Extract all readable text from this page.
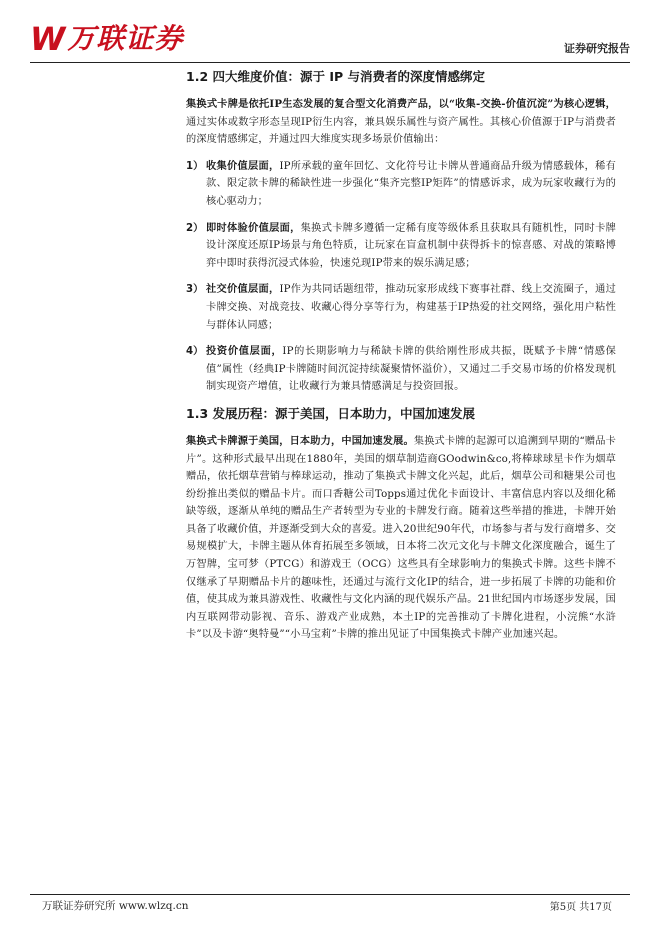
W 万联证券	证券研究报告
1.2 四大维度价值：源于 IP 与消费者的深度情感绑定

集换式卡牌是依托IP生态发展的复合型文化消费产品，以“收集-交换-价值沉淀”为核心逻辑，通过实体或数字形态呈现IP衍生内容，兼具娱乐属性与资产属性。其核心价值源于IP与消费者的深度情感绑定，并通过四大维度实现多场景价值输出：

1） 收集价值层面，IP所承载的童年回忆、文化符号让卡牌从普通商品升级为情感载体，稀有款、限定款卡牌的稀缺性进一步强化“集齐完整IP矩阵”的情感诉求，成为玩家收藏行为的核心驱动力；

2） 即时体验价值层面，集换式卡牌多遵循一定稀有度等级体系且获取具有随机性，同时卡牌设计深度还原IP场景与角色特质，让玩家在盲盒机制中获得拆卡的惊喜感、对战的策略博弈中即时获得沉浸式体验，快速兑现IP带来的娱乐满足感；

3） 社交价值层面，IP作为共同话题纽带，推动玩家形成线下赛事社群、线上交流圈子，通过卡牌交换、对战竞技、收藏心得分享等行为，构建基于IP热爱的社交网络，强化用户粘性与群体认同感；

4） 投资价值层面，IP的长期影响力与稀缺卡牌的供给刚性形成共振，既赋予卡牌“情感保值”属性（经典IP卡牌随时间沉淀持续凝聚情怀溢价），又通过二手交易市场的价格发现机制实现资产增值，让收藏行为兼具情感满足与投资回报。

1.3 发展历程：源于美国，日本助力，中国加速发展

集换式卡牌源于美国，日本助力，中国加速发展。集换式卡牌的起源可以追溯到早期的“赠品卡片”。这种形式最早出现在1880年，美国的烟草制造商GOodwin&co,将棒球球星卡作为烟草赠品，依托烟草营销与棒球运动，推动了集换式卡牌文化兴起，此后，烟草公司和糖果公司也纷纷推出类似的赠品卡片。而口香糖公司Topps通过优化卡面设计、丰富信息内容以及细化稀缺等级，逐渐从单纯的赠品生产者转型为专业的卡牌发行商。随着这些举措的推进，卡牌开始具备了收藏价值，并逐渐受到大众的喜爱。进入20世纪90年代，市场参与者与发行商增多、交易规模扩大，卡牌主题从体育拓展至多领域，日本将二次元文化与卡牌文化深度融合，诞生了万智牌，宝可梦（PTCG）和游戏王（OCG）这些具有全球影响力的集换式卡牌。这些卡牌不仅继承了早期赠品卡片的趣味性，还通过与流行文化IP的结合，进一步拓展了卡牌的功能和价值，使其成为兼具游戏性、收藏性与文化内涵的现代娱乐产品。21世纪国内市场逐步发展，国内互联网带动影视、音乐、游戏产业成熟，本土IP的完善推动了卡牌化进程，小浣熊“水浒卡”以及卡游“奥特曼”“小马宝莉”卡牌的推出见证了中国集换式卡牌产业加速兴起。

万联证券研究所 www.wlzq.cn	第5页 共17页
